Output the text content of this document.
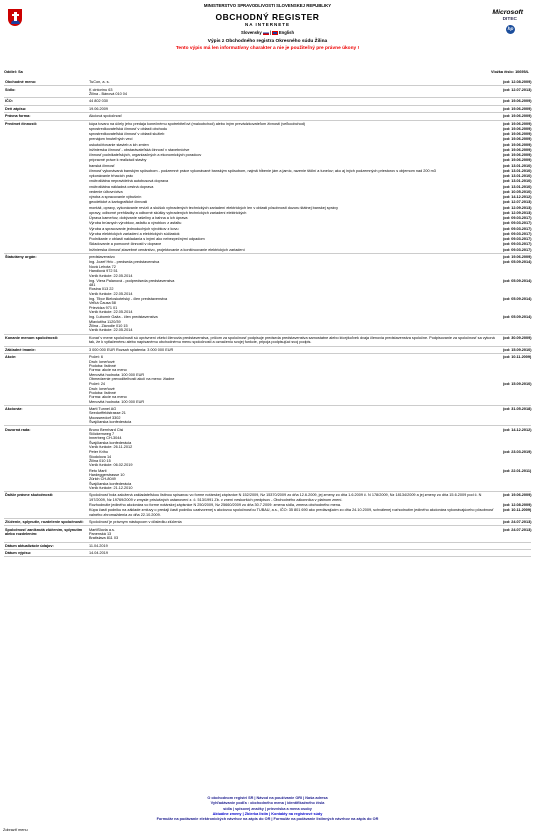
MINISTERSTVO SPRAVODLIVOSTI SLOVENSKEJ REPUBLIKY
OBCHODNÝ REGISTER
NA INTERNETE
Slovensky | English
Microsoft
DITEC
hp
Výpis z Obchodného registra Okresného súdu Žilina
Tento výpis má len informatívny charakter a nie je použiteľný pre právne úkony !
Oddiel: Sa	Vložka číslo: 10695/L
Obchodné meno:	TuCon, a. s.	(od: 12.08.2009)
Sídlo:	K cintorínu 63
Žilina - Bánová 010 04
(od: 12.07.2013)
IČO:	44 802 030	(od: 19.06.2009)
Deň zápisu:	19.06.2009	(od: 19.06.2009)
Právna forma:	Akciová spoločnosť	(od: 19.06.2009)
Predmet činnosti:	kúpa tovaru na účely jeho predaja konečnému spotrebiteľovi (maloobchod) alebo iným prevádzkovateľom živnosti (veľkoobchod)	(od: 19.06.2009)
sprostredkovateľská činnosť v oblasti obchodu	(od: 19.06.2009)
sprostredkovateľská činnosť v oblasti služieb	(od: 19.06.2009)
prenájom hnuteľných vecí	(od: 19.06.2009)
uskutočňovanie stavieb a ich zmien	(od: 19.06.2009)
inžinierska činnosť - obstarávateľská činnosť v stavebníctve	(od: 19.06.2009)
činnosť podnikateľských, organizačných a ekonomických poradcov	(od: 19.06.2009)
prípravné práce k realizácii stavby	(od: 19.06.2009)
banská činnosť	(od: 13.01.2010)
činnosť vykonávaná banským spôsobom - podzemné práce vykonávané banským spôsobom, najmä hĺbenie jám a jamíc, razenie štôlní a tunelov; ako aj iných podzemných priestorov s objemom nad 200 m3	(od: 13.01.2010)
vykonávanie trhacích prác	(od: 13.01.2010)
vnútroštátna nepravidelná autobusová doprava	(od: 13.01.2010)
vnútroštátna nákladná cestná doprava	(od: 13.01.2010)
vedenie účtovníctva	(od: 10.05.2010)
výroba a spracovanie výbušnín	(od: 14.12.2012)
geodetické a kartografické činnosti	(od: 12.07.2013)
montáž, opravy, vykonávanie revízií a skúšok vyhradených technických zariadení elektrických len v oblasti pôsobnosti dozoru štátnej banskej správy	(od: 12.09.2013)
opravy, odborné prehliadky a odborné skúšky vyhradených technických zariadení elektrických	(od: 12.09.2013)
Úprava kameňov, dobývanie rašeliny a bahna a ich úprava	(od: 09.03.2017)
Výroba brúsnych výrobkov, asfaltu a výrobkov z asfaltu	(od: 09.03.2017)
Výroba a spracovanie jednoduchých výrobkov z kovu	(od: 09.03.2017)
Výroba elektrických zariadení a elektrických súčiastok	(od: 09.03.2017)
Podnikanie v oblasti nakladania s inými ako nebezpečnými odpadom	(od: 09.03.2017)
Skladovanie a pomocné činnosti v doprave	(od: 09.03.2017)
Inžinierska činnosť,stavebné cenárstvo, projektovanie a konštruovanie elektrických zariadení	(od: 09.03.2017)
Štatutárny orgán:	predstavenstvo	(od: 19.06.2009)
Ing. Jozef Hric - predseda predstavenstva
Nová Lehota 72
Handlová 972 51
Vznik funkcie: 22.05.2014
(od: 05.09.2014)
Ing. Viera Palanová - podpredseda predstavenstva
481
Rosina 013 22
Vznik funkcie: 22.05.2014
(od: 05.09.2014)
Ing. Tibor Bieloskotelský - člen predstavenstva
Veľká Čausa 58
Prievidza 971 01
Vznik funkcie: 22.05.2014
(od: 05.09.2014)
Ing. Ľubomír Gaža - člen predstavenstva
Mlaviutiha 1120/39
Žilina - Závodie 010 15
Vznik funkcie: 22.05.2014
(od: 05.09.2014)
Konanie menom spoločnosti:	Konať v mene spoločnosti sú oprávnení všetci členovia predstavenstva, pričom za spoločnosť podpisuje predseda predstavenstva samostatne alebo ktorýkoľvek dvaja členovia predstavenstva spoločne. Podpisovanie za spoločnosť sa vykoná tak, že k vytlačenému alebo napísanému obchodnému menu spoločnosti a označeniu svojej funkcie, pripoja podpisujúci svoj podpis.
(od: 30.09.2009)
Základné imanie:	3 000 000 EUR Rozsah splatenia: 3 000 000 EUR	(od: 15.09.2010)
Akcie:	Počet: 6
Druh: kmeňové
Podoba: listinné
Forma: akcie na meno
Menovitá hodnota: 100 000 EUR
Obmedzenie prevoditeľnosti akcií na meno: žiadne
(od: 10.11.2009)
Počet: 24
Druh: kmeňové
Podoba: listinné
Forma: akcie na meno
Menovitá hodnota: 100 000 EUR
(od: 15.09.2010)
Akcionár:	Marti Tunnel AG
Seedorffeldstrasse 21
Moosseedorf 3302
Švajčiarska konfederácia
(od: 31.05.2018)
Dozorná rada:	Bruno Bernhard Cisi
Stöckernweg 7
Innerberg CH-3044
Švajčiarska konfederácia
Vznik funkcie: 26.11.2012
(od: 14.12.2012)
Peter Kriho
Stodolova 14
Žilina 010 15
Vznik funkcie: 06.02.2019
(od: 23.03.2019)
Reto Marti
Hardeggerstrasse 10
Zürich CH-8049
Švajčiarska konfederácia
Vznik funkcie: 21.12.2010
(od: 22.01.2011)
Ďalšie právne skutočnosti:	Spoločnosť bola založená zakladateľskou listinou spísanou vo forme notárskej zápisnice N 152/2009, Nz 15370/2009 zo dňa 12.6.2009, jej zmeny zo dňa 1.6.2009 č. N 178/2009, Nz 18134/2009 a jej zmeny zo dňa 15.6.2009 pod č. N 197/2009, Nz 19769/2009 v zmysle príslušných ustanovení z. č. 513/1991 Zb. v znení neskorších predpisov - Obchodného zákonníka v platnom znení.
(od: 19.06.2009)
Rozhodnutie jediného akcionára vo forme notárskej zápisnice N 250/2009, Nz 25660/2009 zo dňa 30.7.2009: zmena sídla, zmena obchodného mena.	(od: 12.08.2009)
Kúpa časti podniku na základe zmluvy o predaji časti podniku uzatvorenej s akciovou spoločnosťou TUBAU, a.s., IČO: 35 801 690 ako predávajúcim zo dňa 24.10.2009, schválenej rozhodnutím jediného akcionára vykonávajúceho pôsobnosť valného zhromaždenia zo dňa 22.10.2009.
(od: 10.11.2009)
Zlúčenie, splynutie, rozdelenie spoločnosti:	Spoločnosť je právnym nástupcom v dôsledku zlúčenia	(od: 24.07.2013)
Spoločnosť zaniknutá zlúčením, splynutím alebo rozdelením:
MartiSlovia a.s.
Panenská 13
Bratislava 811 03
(od: 24.07.2013)
Dátum aktualizácie údajov:	11.04.2019
Dátum výpisu:	14.04.2019
O obchodnom registri SR | Návod na používanie ORI | Naša adresa
Vyhľadávanie podľa : obchodného mena | identifikačného čísla
sídla | spisovej značky | priezviska a mena osoby
Aktuálne zmeny | Zbierka listín | Kontakty na registrové súdy
Formulár na podávanie elektronických návrhov na zápis do OR | Formulár na podávanie listinných návrhov na zápis do OR
Zobraziť menu
